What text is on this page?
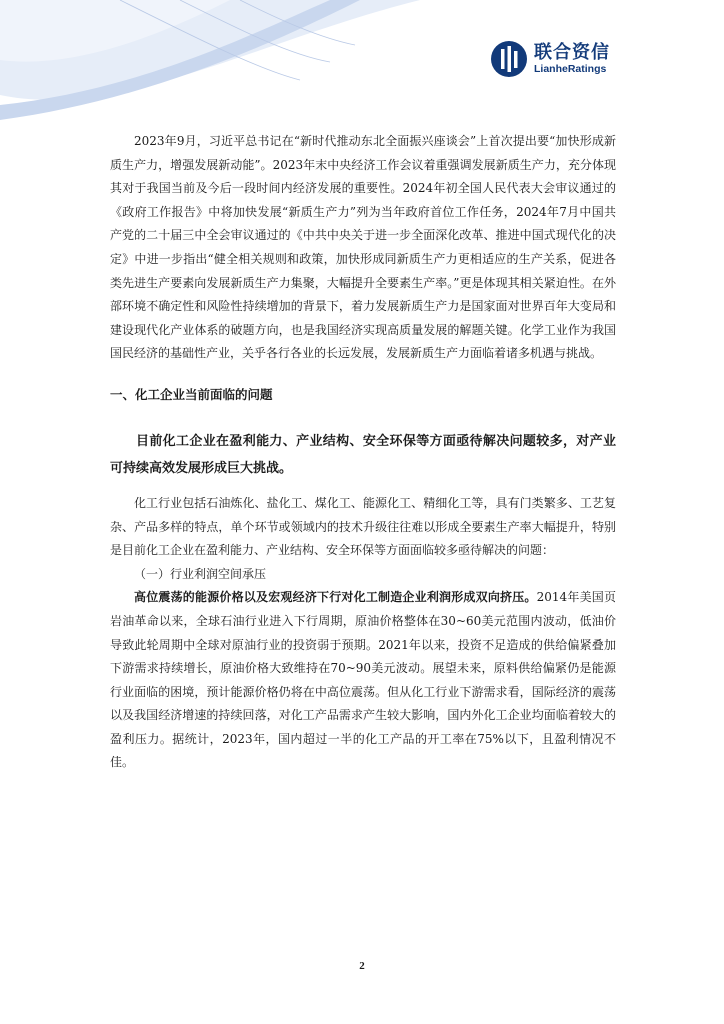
联合资信
LianheRatings

2023年9月，习近平总书记在“新时代推动东北全面振兴座谈会”上首次提出要“加快形成新质生产力，增强发展新动能”。2023年末中央经济工作会议着重强调发展新质生产力，充分体现其对于我国当前及今后一段时间内经济发展的重要性。2024年初全国人民代表大会审议通过的《政府工作报告》中将加快发展“新质生产力”列为当年政府首位工作任务，2024年7月中国共产党的二十届三中全会审议通过的《中共中央关于进一步全面深化改革、推进中国式现代化的决定》中进一步指出“健全相关规则和政策，加快形成同新质生产力更相适应的生产关系，促进各类先进生产要素向发展新质生产力集聚，大幅提升全要素生产率。”更是体现其相关紧迫性。在外部环境不确定性和风险性持续增加的背景下，着力发展新质生产力是国家面对世界百年大变局和建设现代化产业体系的破题方向，也是我国经济实现高质量发展的解题关键。化学工业作为我国国民经济的基础性产业，关乎各行各业的长远发展，发展新质生产力面临着诸多机遇与挑战。

一、化工企业当前面临的问题

目前化工企业在盈利能力、产业结构、安全环保等方面亟待解决问题较多，对产业可持续高效发展形成巨大挑战。

化工行业包括石油炼化、盐化工、煤化工、能源化工、精细化工等，具有门类繁多、工艺复杂、产品多样的特点，单个环节或领域内的技术升级往往难以形成全要素生产率大幅提升，特别是目前化工企业在盈利能力、产业结构、安全环保等方面面临较多亟待解决的问题：

（一）行业利润空间承压

高位震荡的能源价格以及宏观经济下行对化工制造企业利润形成双向挤压。2014年美国页岩油革命以来，全球石油行业进入下行周期，原油价格整体在30~60美元范围内波动，低油价导致此轮周期中全球对原油行业的投资弱于预期。2021年以来，投资不足造成的供给偏紧叠加下游需求持续增长，原油价格大致维持在70~90美元波动。展望未来，原料供给偏紧仍是能源行业面临的困境，预计能源价格仍将在中高位震荡。但从化工行业下游需求看，国际经济的震荡以及我国经济增速的持续回落，对化工产品需求产生较大影响，国内外化工企业均面临着较大的盈利压力。据统计，2023年，国内超过一半的化工产品的开工率在75%以下，且盈利情况不佳。

2
